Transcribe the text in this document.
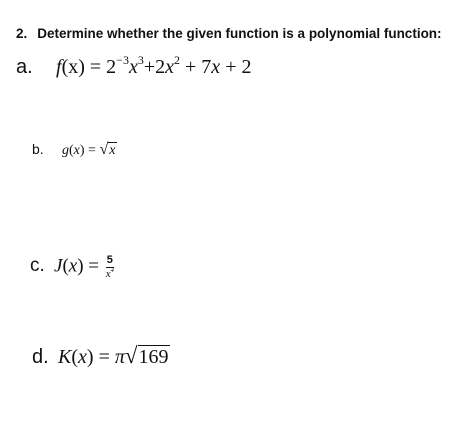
2. Determine whether the given function is a polynomial function:
a. $f(x) = 2^{-3}x^3+2x^2 + 7x + 2$
b. g(x) = √x
c. $J(x) = \frac{5}{x^4}$
d. K(x) = π√169
